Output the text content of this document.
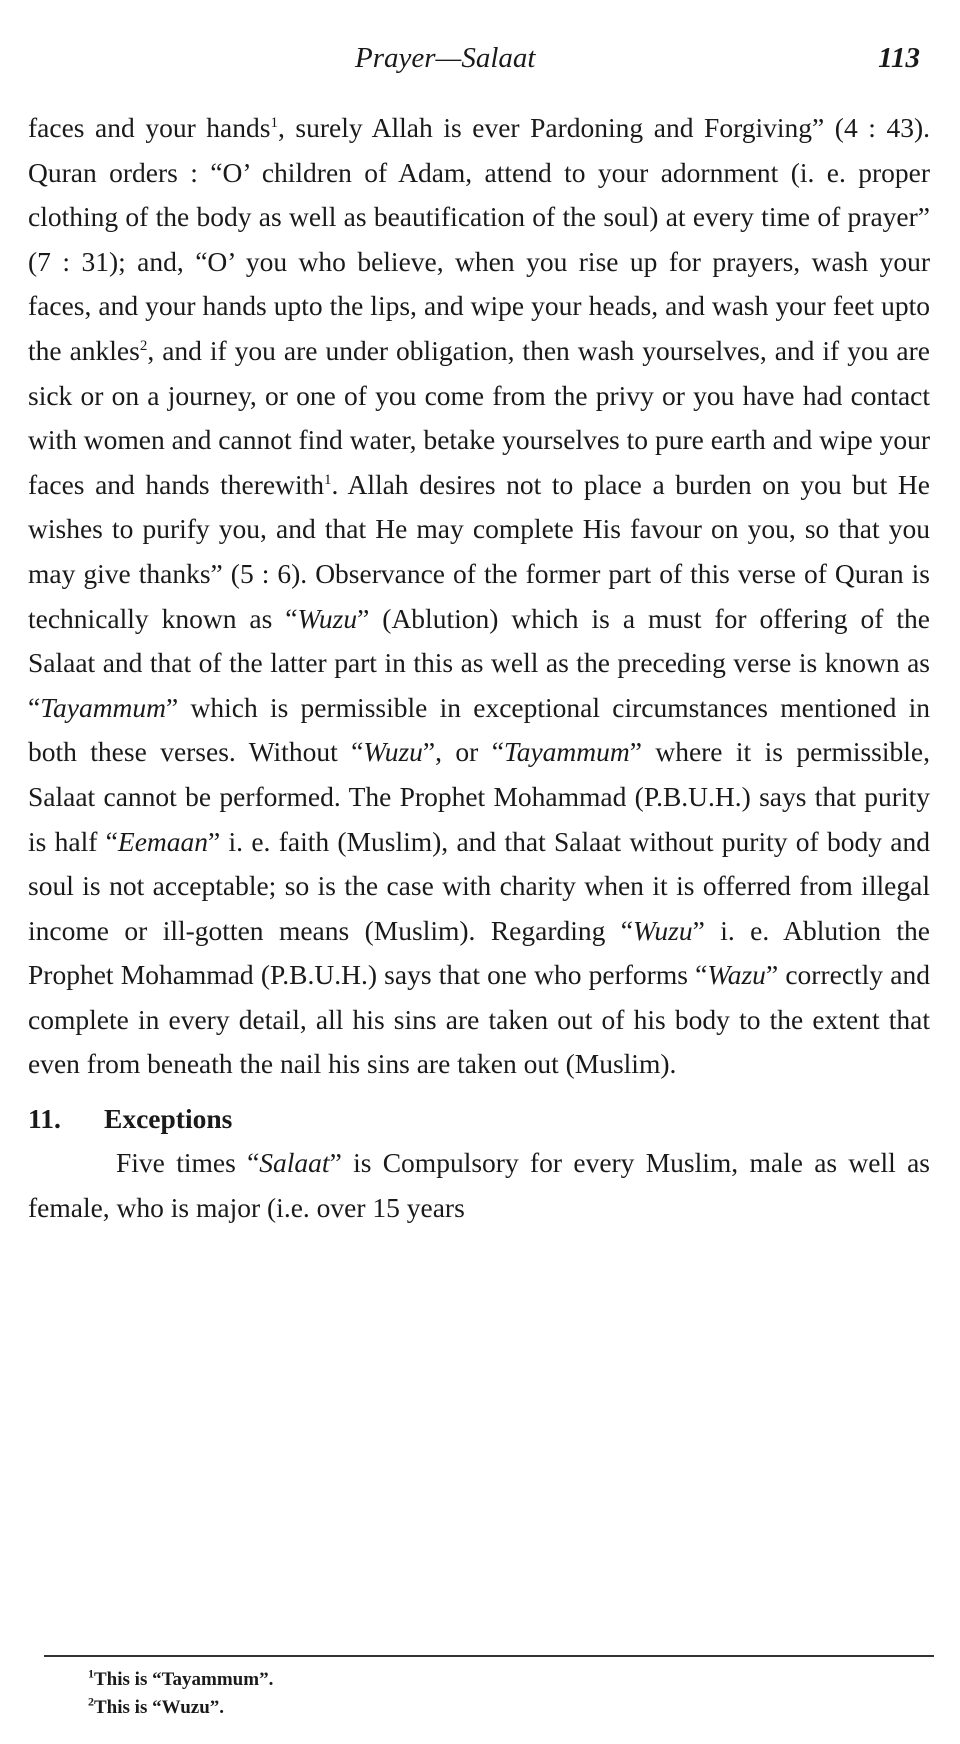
Prayer—Salaat	113

faces and your hands$^1$, surely Allah is ever Pardoning and Forgiving” (4 : 43). Quran orders : “O’ children of Adam, attend to your adornment (i. e. proper clothing of the body as well as beautification of the soul) at every time of prayer” (7 : 31); and, “O’ you who believe, when you rise up for prayers, wash your faces, and your hands upto the lips, and wipe your heads, and wash your feet upto the ankles$^2$, and if you are under obligation, then wash yourselves, and if you are sick or on a journey, or one of you come from the privy or you have had contact with women and cannot find water, betake yourselves to pure earth and wipe your faces and hands therewith$^1$. Allah desires not to place a burden on you but He wishes to purify you, and that He may complete His favour on you, so that you may give thanks” (5 : 6). Observance of the former part of this verse of Quran is technically known as “Wuzu” (Ablution) which is a must for offering of the Salaat and that of the latter part in this as well as the preceding verse is known as “Tayammum” which is permissible in exceptional circumstances mentioned in both these verses. Without “Wuzu”, or “Tayammum” where it is permissible, Salaat cannot be performed. The Prophet Mohammad (P.B.U.H.) says that purity is half “Eemaan” i. e. faith (Muslim), and that Salaat without purity of body and soul is not acceptable; so is the case with charity when it is offerred from illegal income or ill-gotten means (Muslim). Regarding “Wuzu” i. e. Ablution the Prophet Mohammad (P.B.U.H.) says that one who performs “Wazu” correctly and complete in every detail, all his sins are taken out of his body to the extent that even from beneath the nail his sins are taken out (Muslim).

11. Exceptions

Five times “Salaat” is Compulsory for every Muslim, male as well as female, who is major (i.e. over 15 years

$^1$This is “Tayammum”.
$^2$This is “Wuzu”.
